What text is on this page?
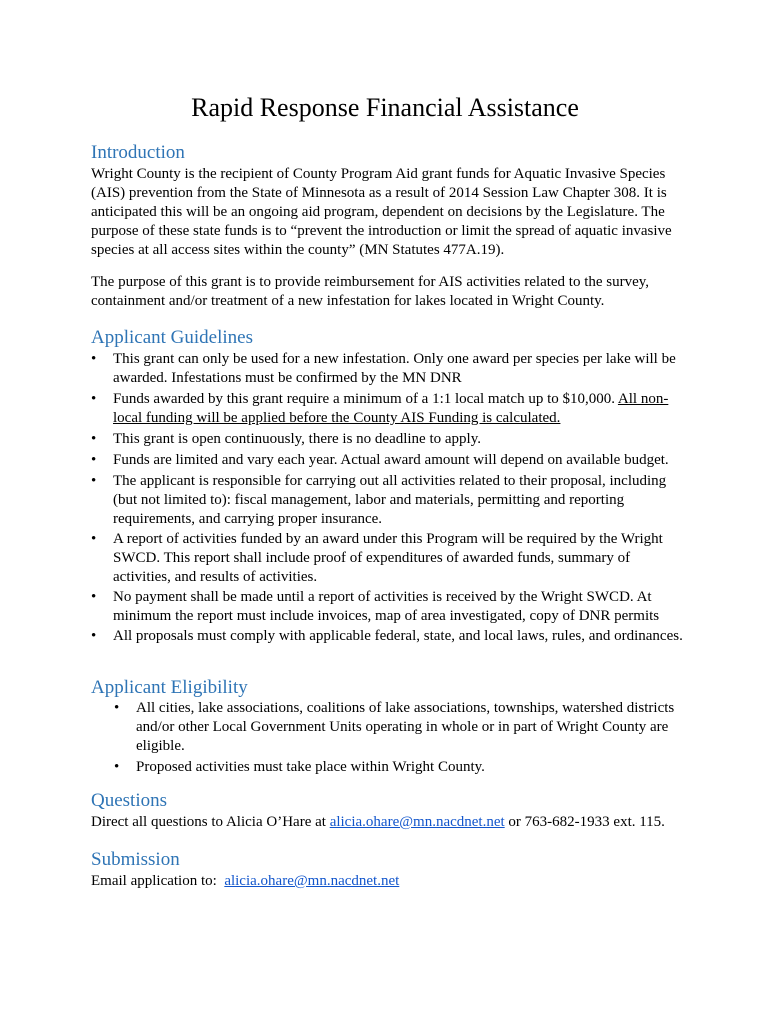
Rapid Response Financial Assistance
Introduction
Wright County is the recipient of County Program Aid grant funds for Aquatic Invasive Species (AIS) prevention from the State of Minnesota as a result of 2014 Session Law Chapter 308. It is anticipated this will be an ongoing aid program, dependent on decisions by the Legislature. The purpose of these state funds is to “prevent the introduction or limit the spread of aquatic invasive species at all access sites within the county” (MN Statutes 477A.19).
The purpose of this grant is to provide reimbursement for AIS activities related to the survey, containment and/or treatment of a new infestation for lakes located in Wright County.
Applicant Guidelines
• This grant can only be used for a new infestation. Only one award per species per lake will be awarded. Infestations must be confirmed by the MN DNR
• Funds awarded by this grant require a minimum of a 1:1 local match up to $10,000. All non-local funding will be applied before the County AIS Funding is calculated.
• This grant is open continuously, there is no deadline to apply.
• Funds are limited and vary each year. Actual award amount will depend on available budget.
• The applicant is responsible for carrying out all activities related to their proposal, including (but not limited to): fiscal management, labor and materials, permitting and reporting requirements, and carrying proper insurance.
• A report of activities funded by an award under this Program will be required by the Wright SWCD. This report shall include proof of expenditures of awarded funds, summary of activities, and results of activities.
• No payment shall be made until a report of activities is received by the Wright SWCD. At minimum the report must include invoices, map of area investigated, copy of DNR permits
• All proposals must comply with applicable federal, state, and local laws, rules, and ordinances.
Applicant Eligibility
• All cities, lake associations, coalitions of lake associations, townships, watershed districts and/or other Local Government Units operating in whole or in part of Wright County are eligible.
• Proposed activities must take place within Wright County.
Questions
Direct all questions to Alicia O’Hare at alicia.ohare@mn.nacdnet.net or 763-682-1933 ext. 115.
Submission
Email application to:  alicia.ohare@mn.nacdnet.net
